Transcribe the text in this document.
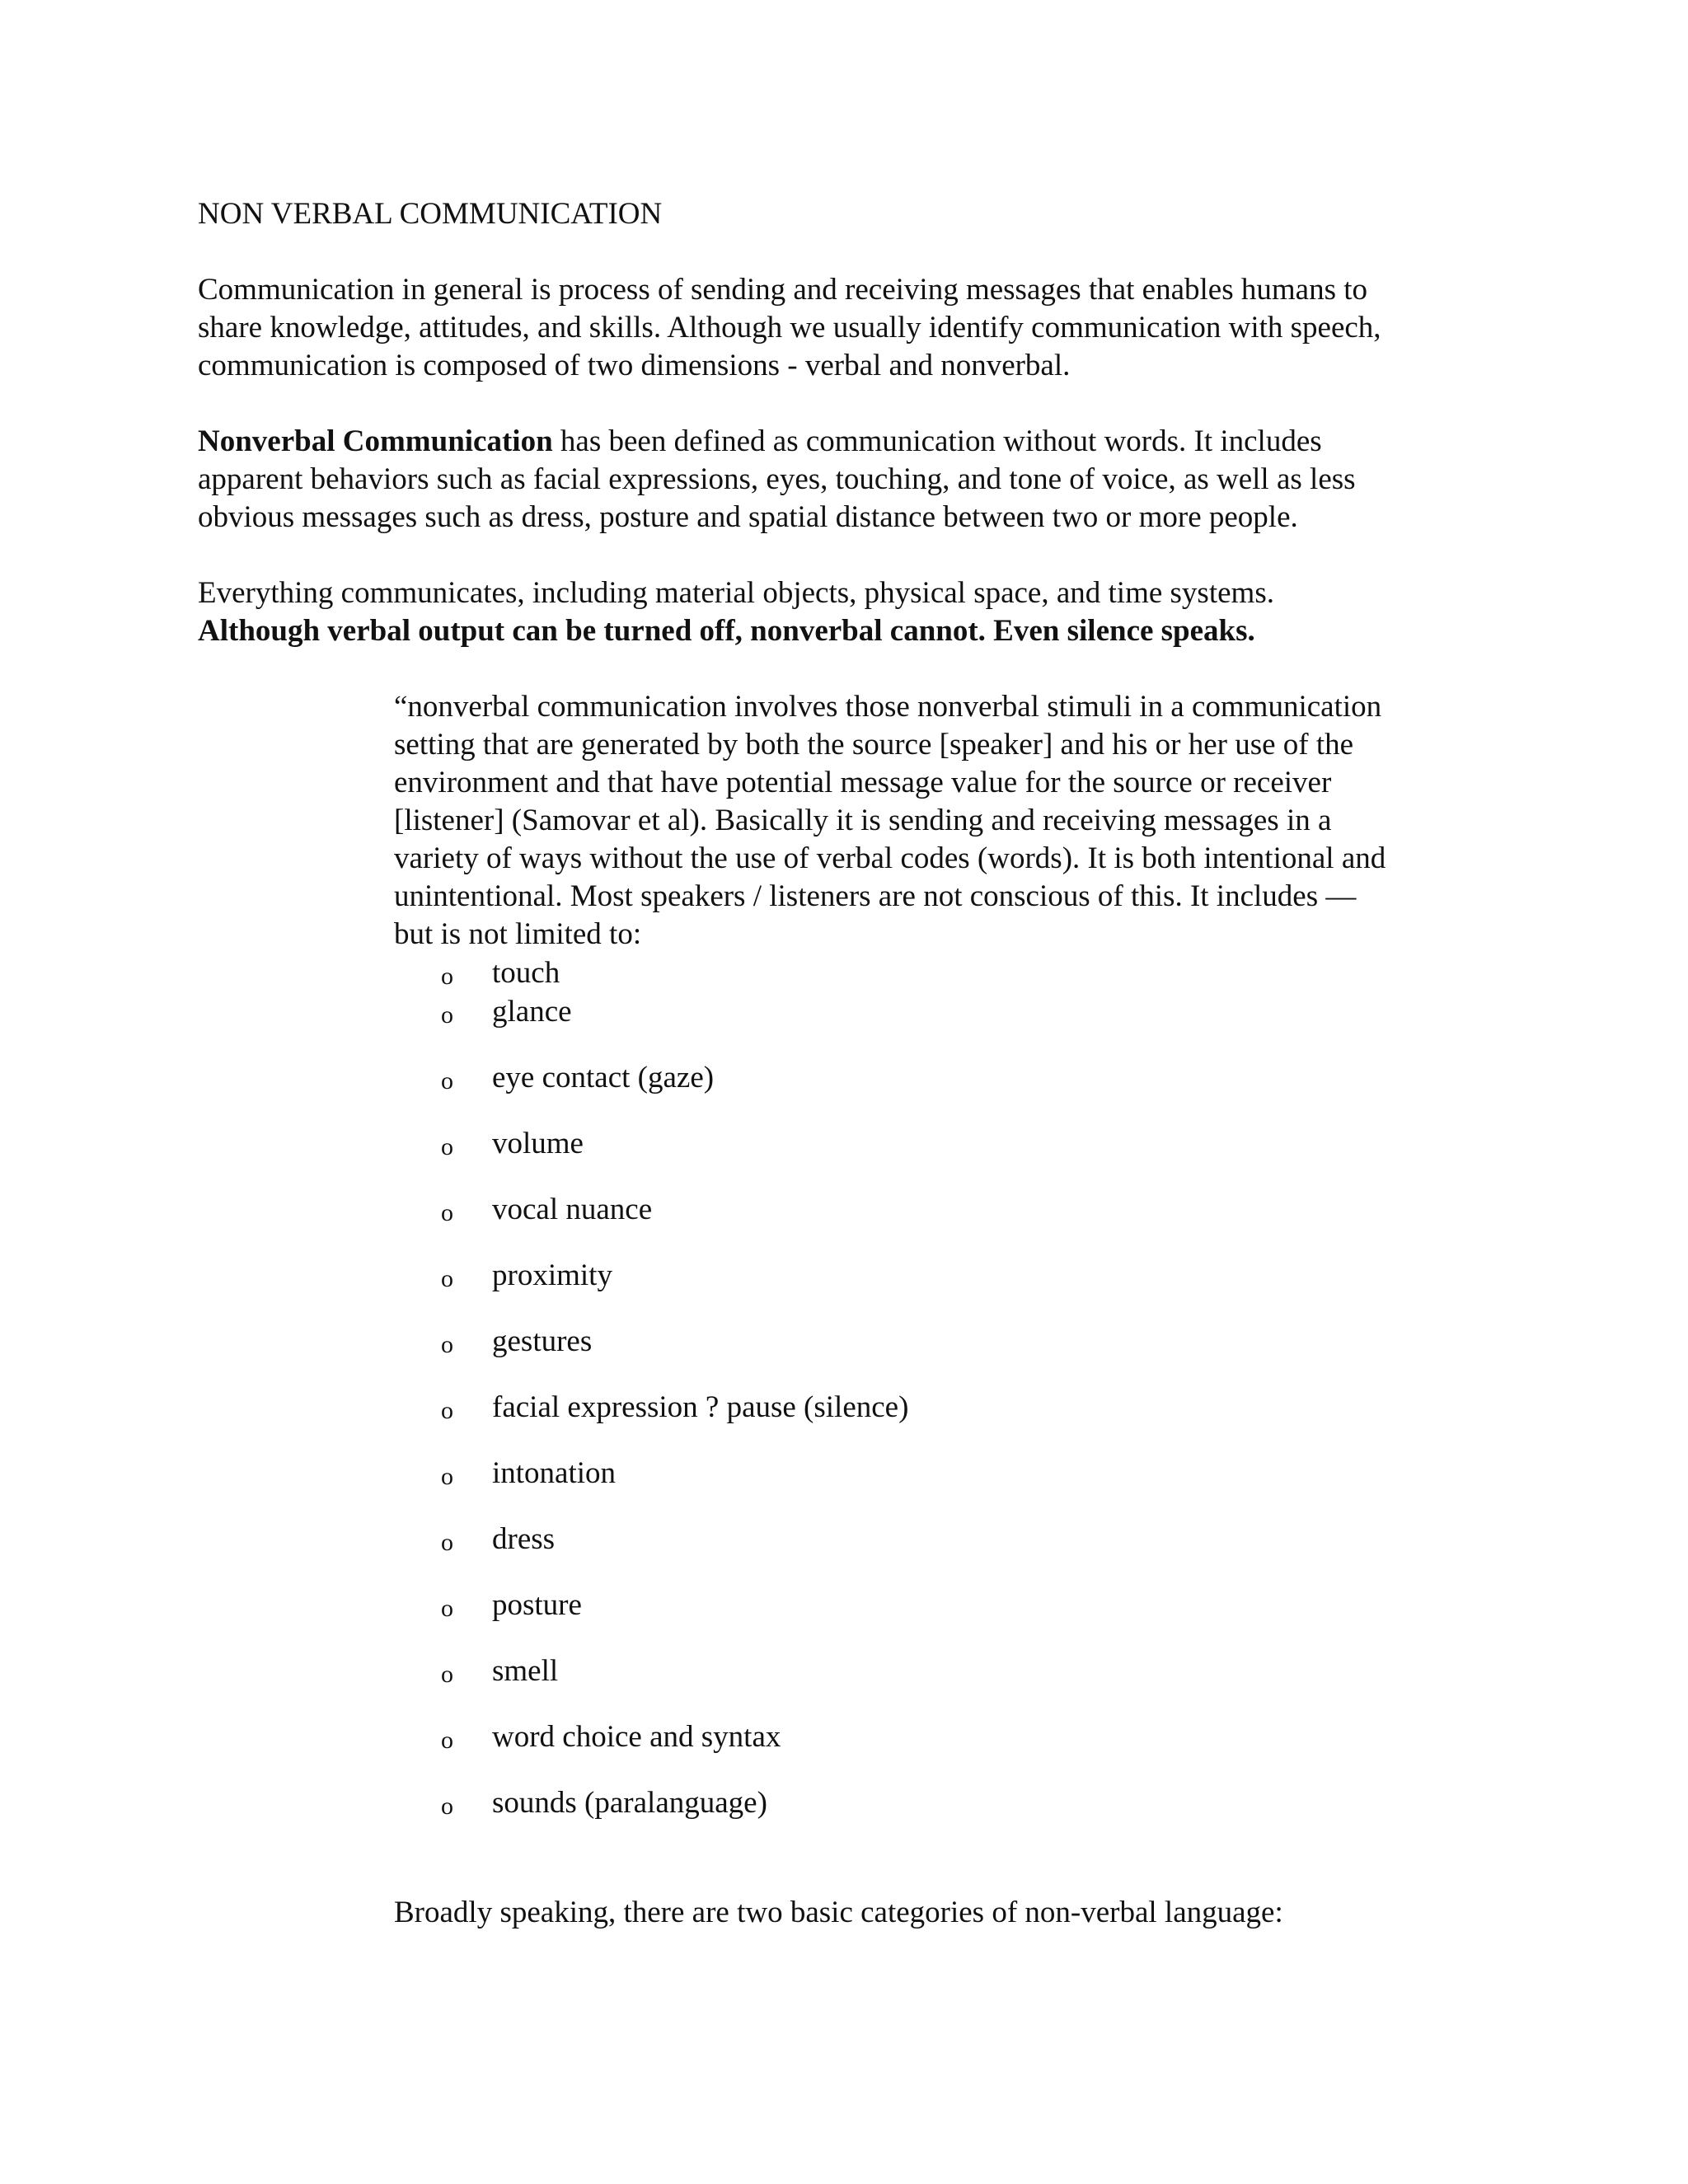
NON VERBAL COMMUNICATION
Communication in general is process of sending and receiving messages that enables humans to
share knowledge, attitudes, and skills. Although we usually identify communication with speech,
communication is composed of two dimensions - verbal and nonverbal.
Nonverbal Communication has been defined as communication without words. It includes
apparent behaviors such as facial expressions, eyes, touching, and tone of voice, as well as less
obvious messages such as dress, posture and spatial distance between two or more people.
Everything communicates, including material objects, physical space, and time systems.
Although verbal output can be turned off, nonverbal cannot. Even silence speaks.
“nonverbal communication involves those nonverbal stimuli in a communication
setting that are generated by both the source [speaker] and his or her use of the
environment and that have potential message value for the source or receiver
[listener] (Samovar et al). Basically it is sending and receiving messages in a
variety of ways without the use of verbal codes (words). It is both intentional and
unintentional. Most speakers / listeners are not conscious of this. It includes —
but is not limited to:
o touch
o glance
o eye contact (gaze)
o volume
o vocal nuance
o proximity
o gestures
o facial expression ? pause (silence)
o intonation
o dress
o posture
o smell
o word choice and syntax
o sounds (paralanguage)
Broadly speaking, there are two basic categories of non-verbal language:
